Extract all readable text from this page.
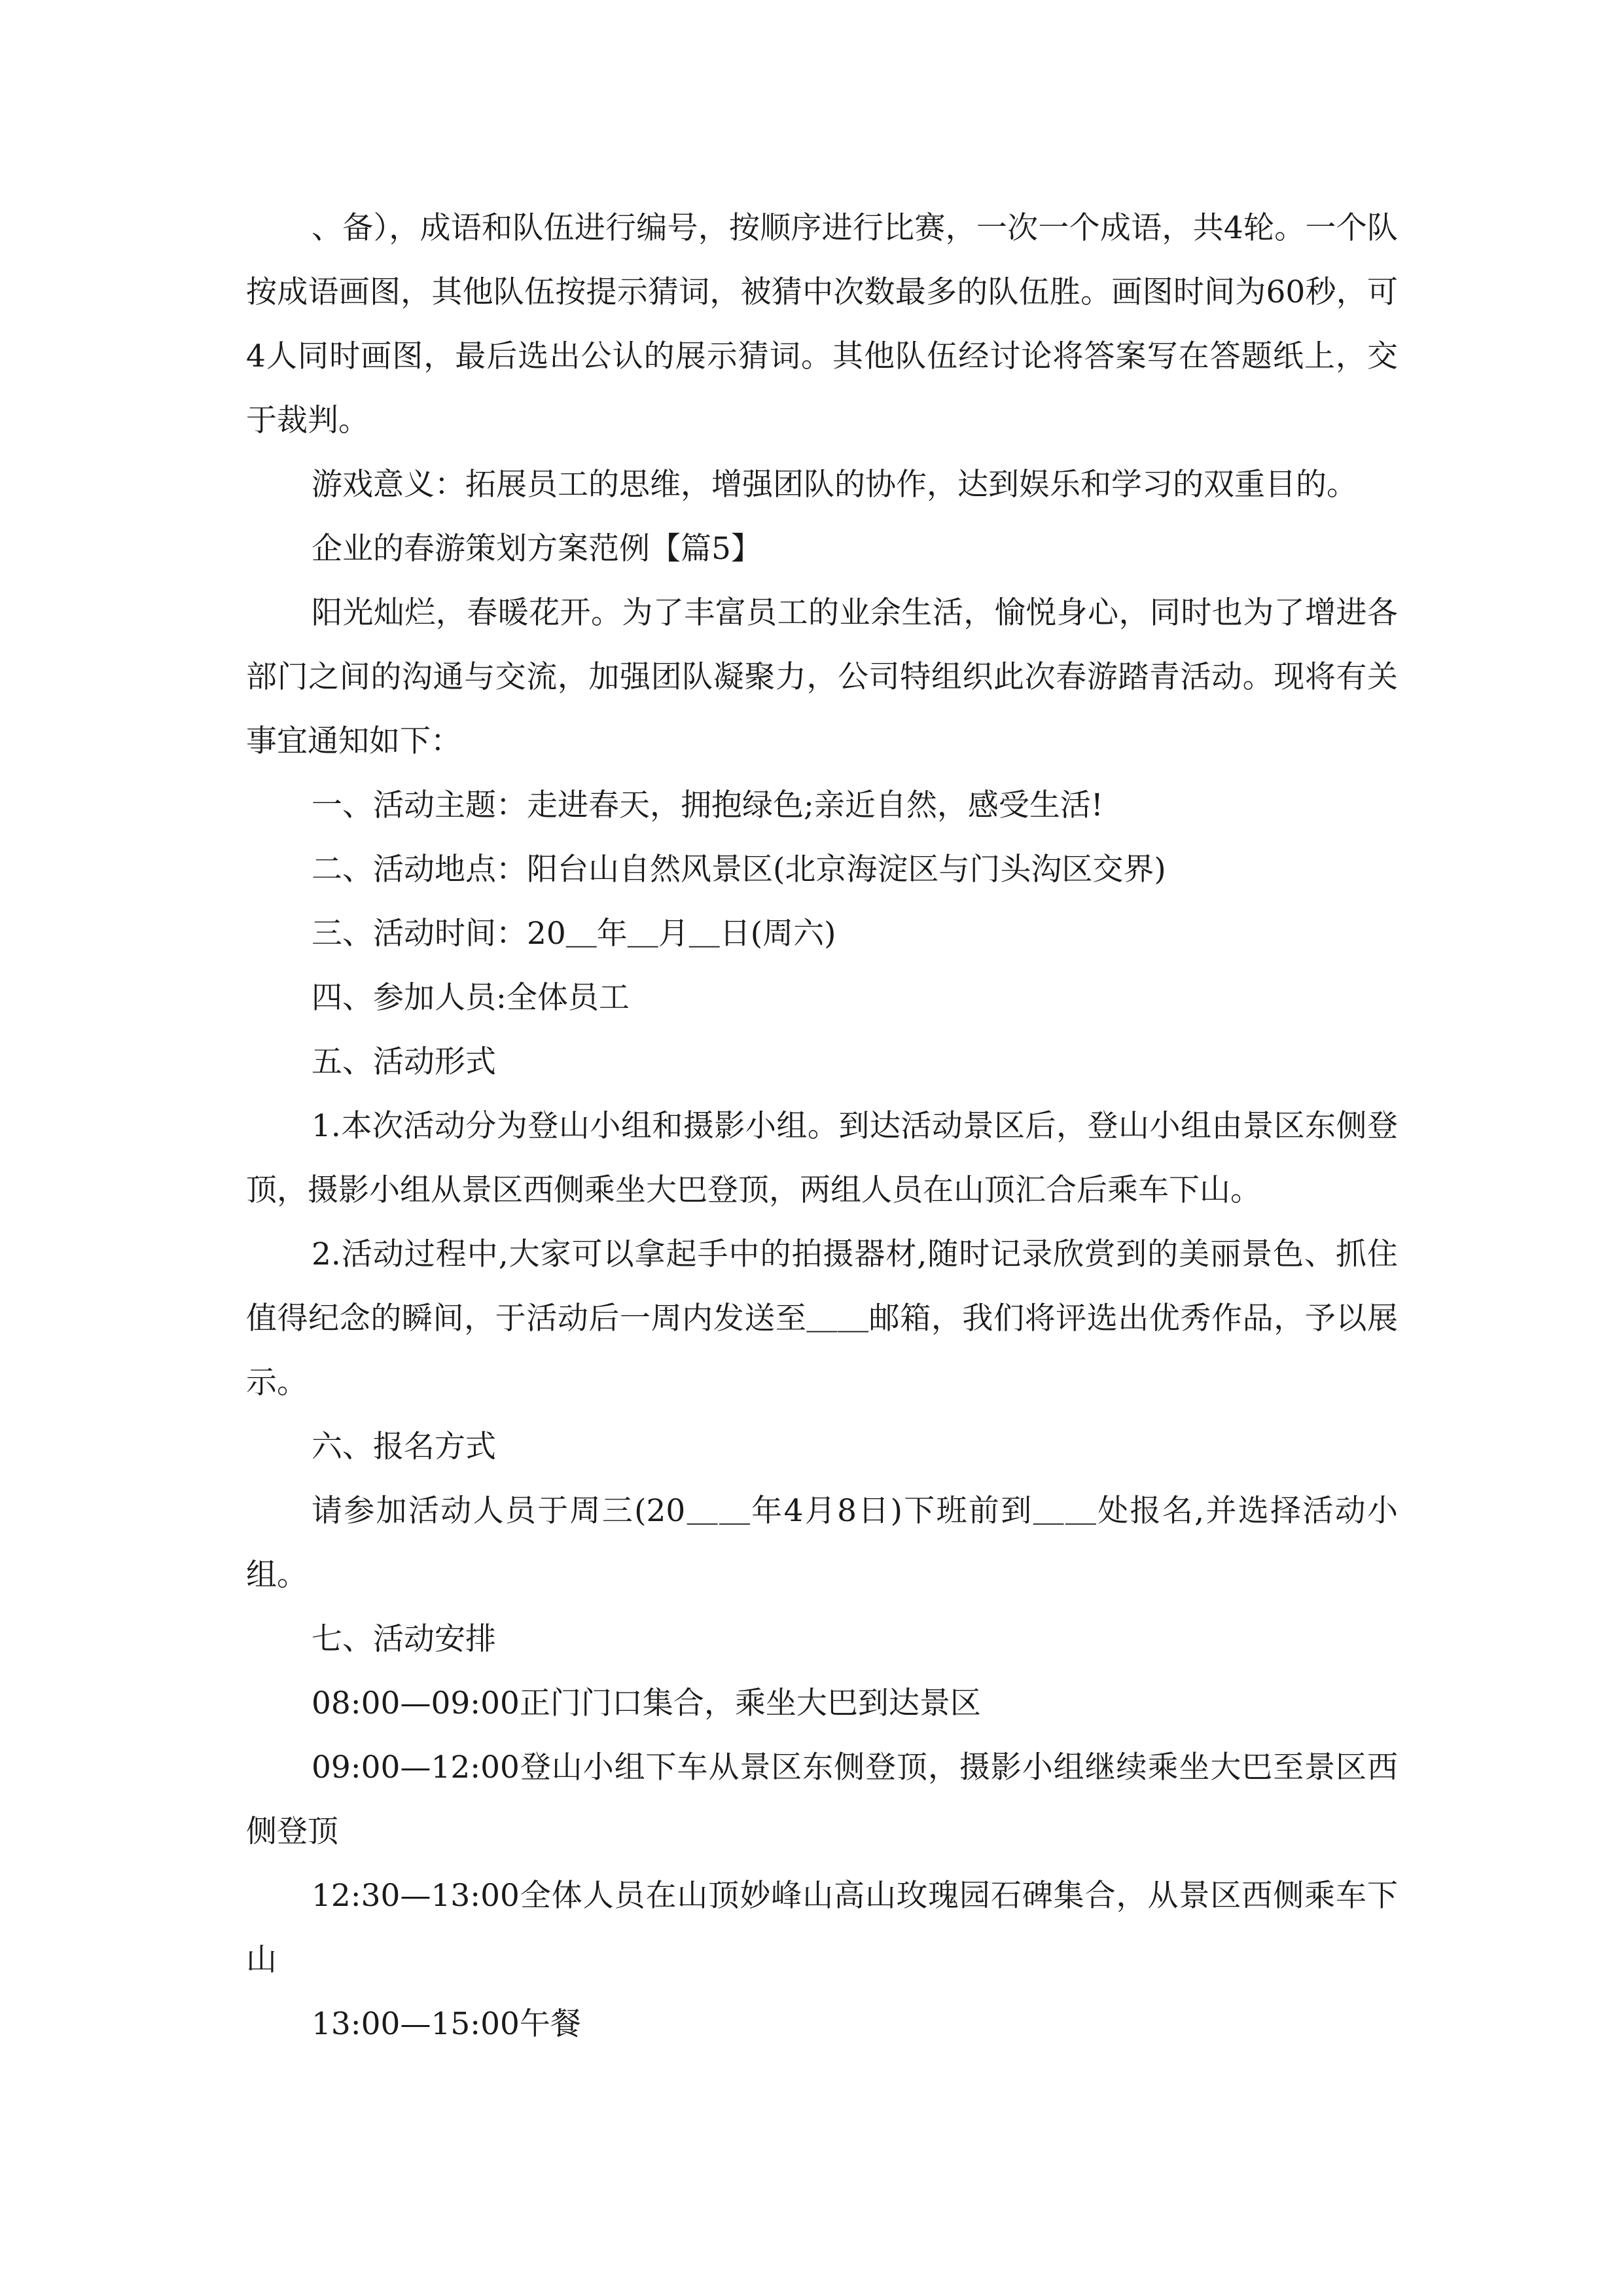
、备），成语和队伍进行编号，按顺序进行比赛，一次一个成语，共4轮。一个队按成语画图，其他队伍按提示猜词，被猜中次数最多的队伍胜。画图时间为60秒，可4人同时画图，最后选出公认的展示猜词。其他队伍经讨论将答案写在答题纸上，交于裁判。

游戏意义：拓展员工的思维，增强团队的协作，达到娱乐和学习的双重目的。

企业的春游策划方案范例【篇5】

阳光灿烂，春暖花开。为了丰富员工的业余生活，愉悦身心，同时也为了增进各部门之间的沟通与交流，加强团队凝聚力，公司特组织此次春游踏青活动。现将有关事宜通知如下：

一、活动主题：走进春天，拥抱绿色;亲近自然，感受生活!

二、活动地点：阳台山自然风景区(北京海淀区与门头沟区交界)

三、活动时间：20＿年＿月＿日(周六)

四、参加人员:全体员工

五、活动形式

1.本次活动分为登山小组和摄影小组。到达活动景区后，登山小组由景区东侧登顶，摄影小组从景区西侧乘坐大巴登顶，两组人员在山顶汇合后乘车下山。

2.活动过程中,大家可以拿起手中的拍摄器材,随时记录欣赏到的美丽景色、抓住值得纪念的瞬间，于活动后一周内发送至＿＿邮箱，我们将评选出优秀作品，予以展示。

六、报名方式

请参加活动人员于周三(20＿＿年4月8日)下班前到＿＿处报名,并选择活动小组。

七、活动安排

08:00—09:00正门门口集合，乘坐大巴到达景区

09:00—12:00登山小组下车从景区东侧登顶，摄影小组继续乘坐大巴至景区西侧登顶

12:30—13:00全体人员在山顶妙峰山高山玫瑰园石碑集合，从景区西侧乘车下山

13:00—15:00午餐
